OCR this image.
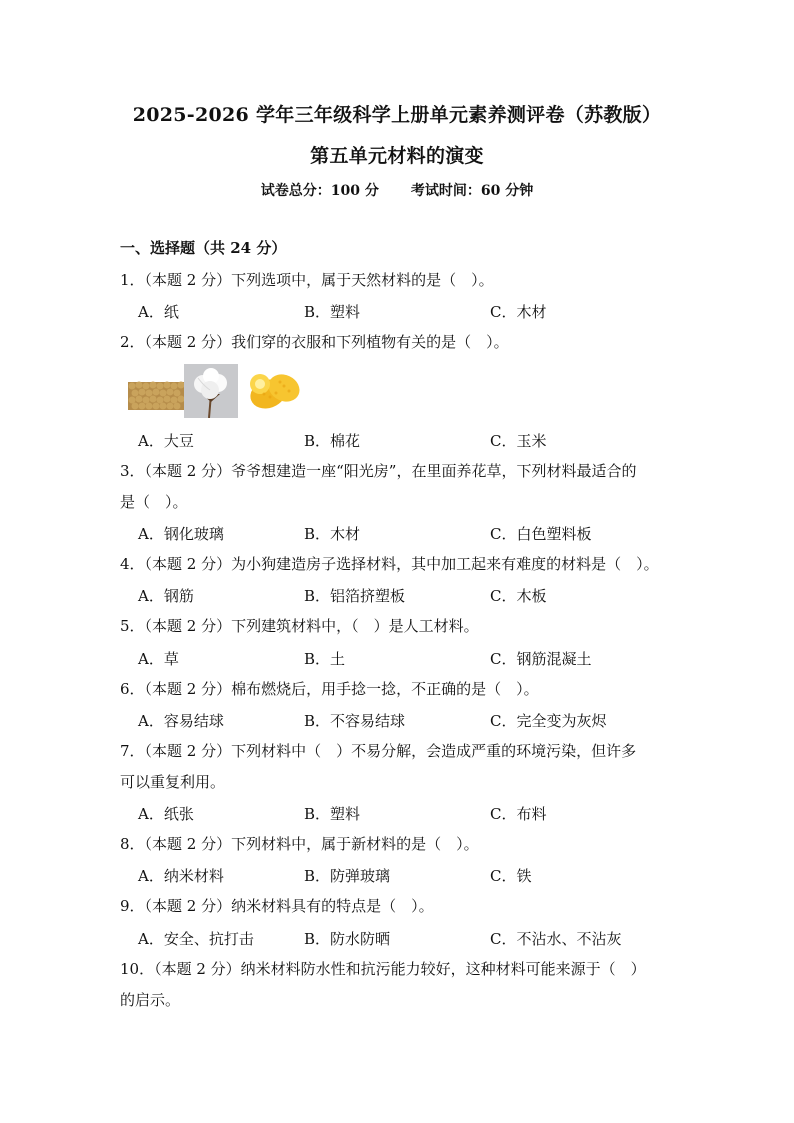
2025-2026 学年三年级科学上册单元素养测评卷（苏教版）
第五单元材料的演变
试卷总分：100 分 考试时间：60 分钟
一、选择题（共 24 分）
1．（本题 2 分）下列选项中，属于天然材料的是（　）。
A．纸	B．塑料	C．木材
2．（本题 2 分）我们穿的衣服和下列植物有关的是（　）。
A．大豆	B．棉花	C．玉米
3．（本题 2 分）爷爷想建造一座“阳光房”，在里面养花草，下列材料最适合的
是（　）。
A．钢化玻璃	B．木材	C．白色塑料板
4．（本题 2 分）为小狗建造房子选择材料，其中加工起来有难度的材料是（　）。
A．钢筋	B．铝箔挤塑板	C．木板
5．（本题 2 分）下列建筑材料中，（　）是人工材料。
A．草	B．土	C．钢筋混凝土
6．（本题 2 分）棉布燃烧后，用手捻一捻，不正确的是（　）。
A．容易结球	B．不容易结球	C．完全变为灰烬
7．（本题 2 分）下列材料中（　）不易分解，会造成严重的环境污染，但许多
可以重复利用。
A．纸张	B．塑料	C．布料
8．（本题 2 分）下列材料中，属于新材料的是（　）。
A．纳米材料	B．防弹玻璃	C．铁
9．（本题 2 分）纳米材料具有的特点是（　）。
A．安全、抗打击	B．防水防晒	C．不沾水、不沾灰
10．（本题 2 分）纳米材料防水性和抗污能力较好，这种材料可能来源于（　）
的启示。
